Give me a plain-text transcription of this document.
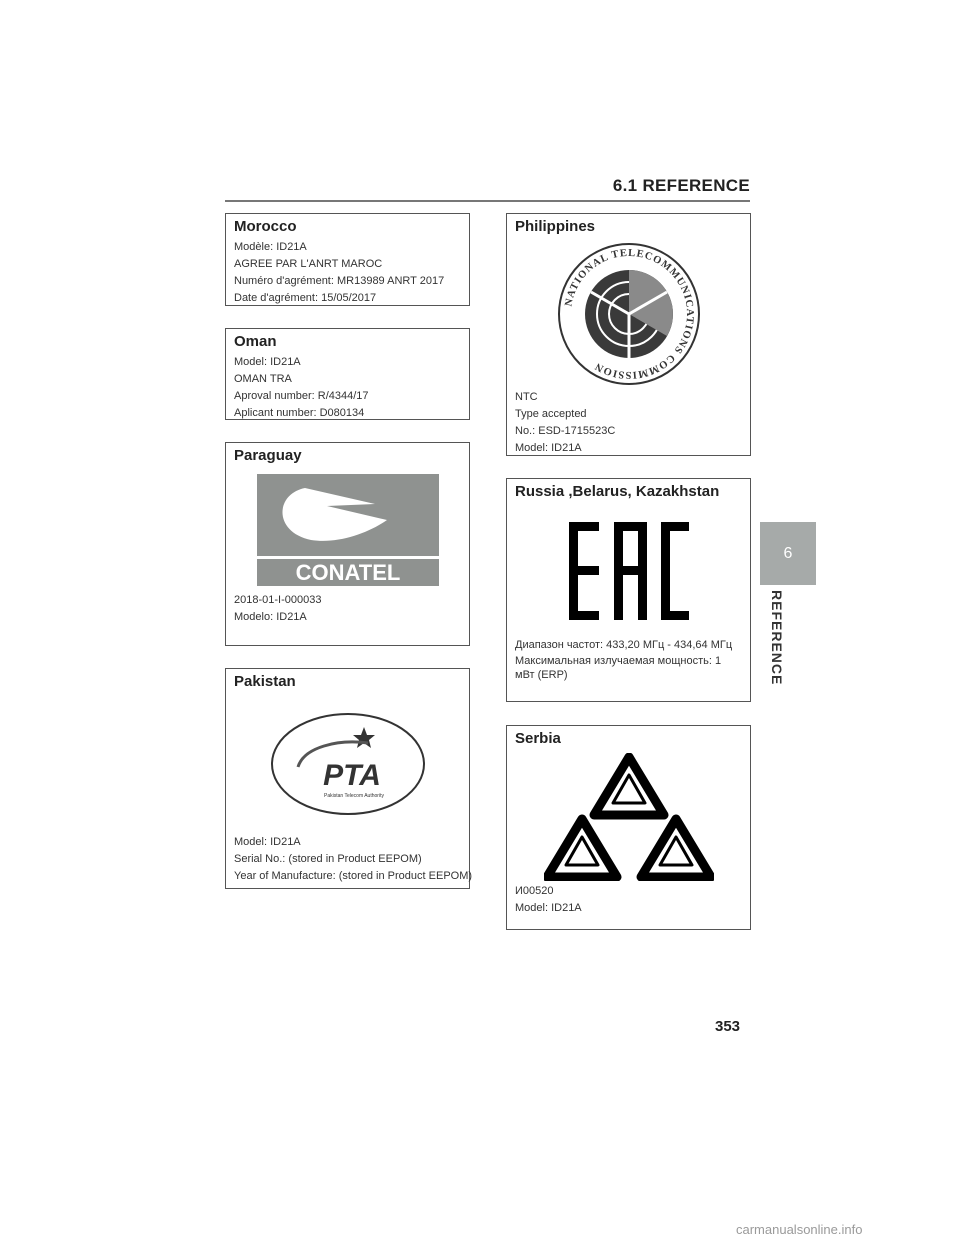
6.1 REFERENCE
Morocco
Modèle: ID21A
AGREE PAR L'ANRT MAROC
Numéro d'agrément: MR13989 ANRT 2017
Date d'agrément: 15/05/2017
Oman
Model: ID21A
OMAN TRA
Aproval number: R/4344/17
Aplicant number: D080134
Paraguay
CONATEL
2018-01-I-000033
Modelo: ID21A
Pakistan
PTA
Pakistan Telecom Authority
Model: ID21A
Serial No.: (stored in Product EEPOM)
Year of Manufacture: (stored in Product EEPOM)
Philippines
NATIONAL TELECOMMUNICATIONS COMMISSION
NTC
Type accepted
No.: ESD-1715523C
Model: ID21A
Russia ,Belarus, Kazakhstan
Диапазон частот: 433,20 МГц - 434,64 МГц
Максимальная излучаемая мощность: 1 мВт (ERP)
Serbia
И00520
Model: ID21A
6
REFERENCE
353
carmanualsonline.info
